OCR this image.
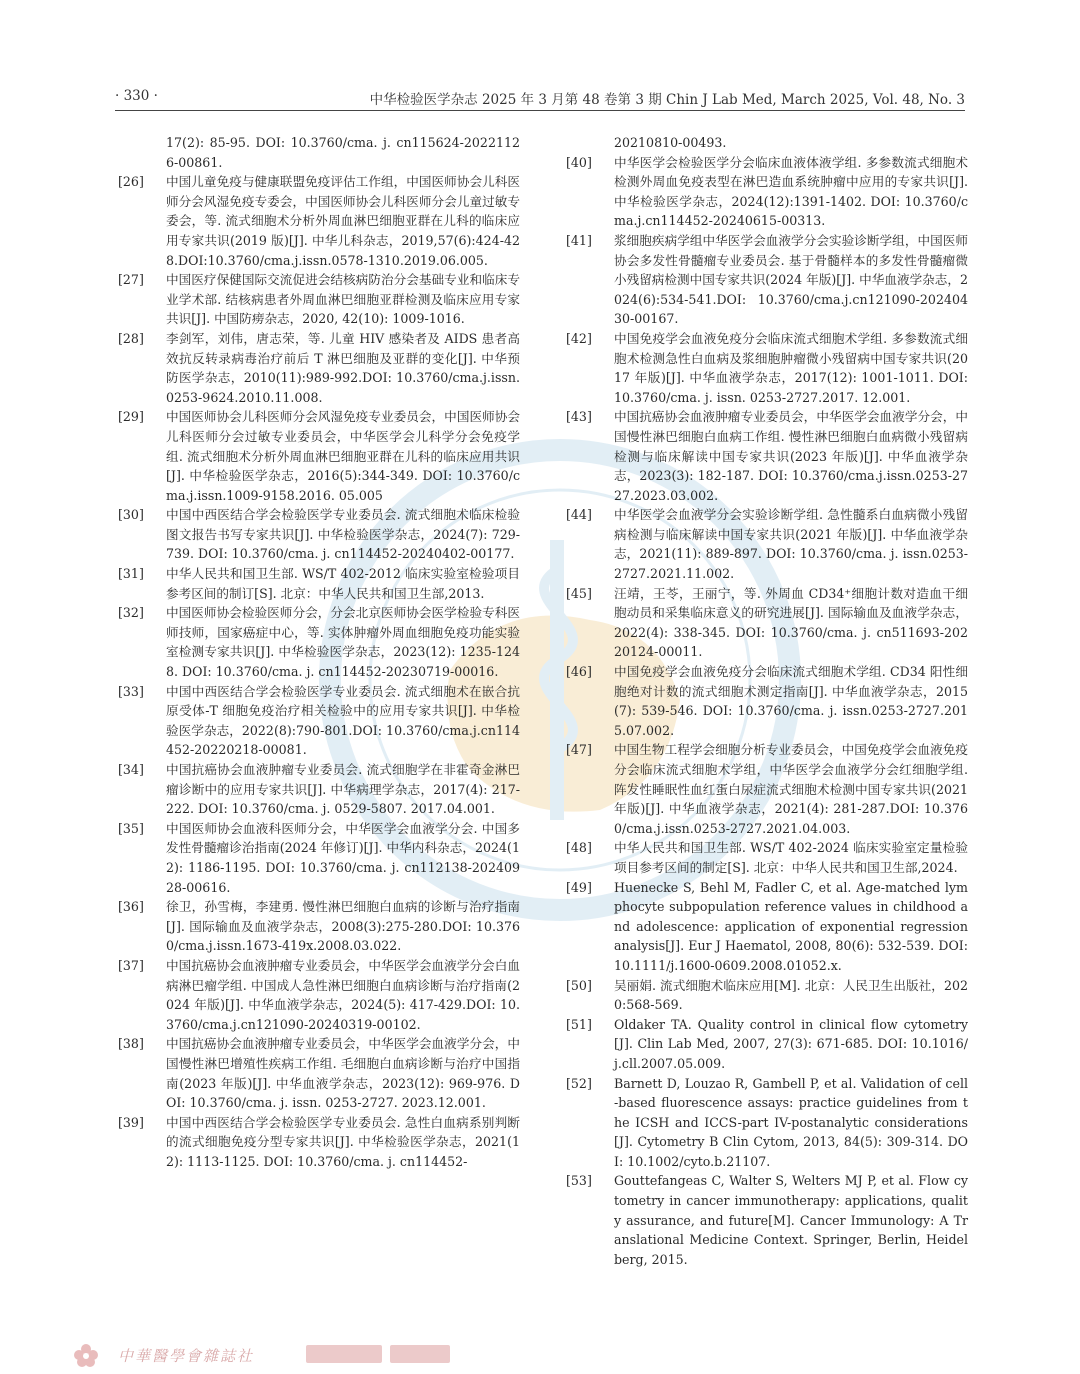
· 330 ·	中华检验医学杂志 2025 年 3 月第 48 卷第 3 期 Chin J Lab Med, March 2025, Vol. 48, No. 3
17(2): 85-95. DOI: 10.3760/cma. j. cn115624-20221126-00861.
[26]	中国儿童免疫与健康联盟免疫评估工作组，中国医师协会儿科医师分会风湿免疫专委会，中国医师协会儿科医师分会儿童过敏专委会，等. 流式细胞术分析外周血淋巴细胞亚群在儿科的临床应用专家共识(2019 版)[J]. 中华儿科杂志，2019,57(6):424-428.DOI:10.3760/cma.j.issn.0578-1310.2019.06.005.
[27]	中国医疗保健国际交流促进会结核病防治分会基础专业和临床专业学术部. 结核病患者外周血淋巴细胞亚群检测及临床应用专家共识[J]. 中国防痨杂志，2020, 42(10): 1009-1016.
[28]	李剑军，刘伟，唐志荣，等. 儿童 HIV 感染者及 AIDS 患者高效抗反转录病毒治疗前后 T 淋巴细胞及亚群的变化[J]. 中华预防医学杂志，2010(11):989-992.DOI: 10.3760/cma.j.issn.0253-9624.2010.11.008.
[29]	中国医师协会儿科医师分会风湿免疫专业委员会，中国医师协会儿科医师分会过敏专业委员会，中华医学会儿科学分会免疫学组. 流式细胞术分析外周血淋巴细胞亚群在儿科的临床应用共识[J]. 中华检验医学杂志，2016(5):344-349. DOI: 10.3760/cma.j.issn.1009-9158.2016. 05.005
[30]	中国中西医结合学会检验医学专业委员会. 流式细胞术临床检验图文报告书写专家共识[J]. 中华检验医学杂志，2024(7): 729-739. DOI: 10.3760/cma. j. cn114452-20240402-00177.
[31]	中华人民共和国卫生部. WS/T 402-2012 临床实验室检验项目参考区间的制订[S]. 北京：中华人民共和国卫生部,2013.
[32]	中国医师协会检验医师分会，分会北京医师协会医学检验专科医师技师，国家癌症中心，等. 实体肿瘤外周血细胞免疫功能实验室检测专家共识[J]. 中华检验医学杂志，2023(12): 1235-1248. DOI: 10.3760/cma. j. cn114452-20230719-00016.
[33]	中国中西医结合学会检验医学专业委员会. 流式细胞术在嵌合抗原受体-T 细胞免疫治疗相关检验中的应用专家共识[J]. 中华检验医学杂志，2022(8):790-801.DOI: 10.3760/cma.j.cn114452-20220218-00081.
[34]	中国抗癌协会血液肿瘤专业委员会. 流式细胞学在非霍奇金淋巴瘤诊断中的应用专家共识[J]. 中华病理学杂志，2017(4): 217-222. DOI: 10.3760/cma. j. 0529-5807. 2017.04.001.
[35]	中国医师协会血液科医师分会，中华医学会血液学分会. 中国多发性骨髓瘤诊治指南(2024 年修订)[J]. 中华内科杂志，2024(12): 1186-1195. DOI: 10.3760/cma. j. cn112138-20240928-00616.
[36]	徐卫，孙雪梅，李建勇. 慢性淋巴细胞白血病的诊断与治疗指南[J]. 国际输血及血液学杂志，2008(3):275-280.DOI: 10.3760/cma.j.issn.1673-419x.2008.03.022.
[37]	中国抗癌协会血液肿瘤专业委员会，中华医学会血液学分会白血病淋巴瘤学组. 中国成人急性淋巴细胞白血病诊断与治疗指南(2024 年版)[J]. 中华血液学杂志，2024(5): 417-429.DOI: 10.3760/cma.j.cn121090-20240319-00102.
[38]	中国抗癌协会血液肿瘤专业委员会，中华医学会血液学分会，中国慢性淋巴增殖性疾病工作组. 毛细胞白血病诊断与治疗中国指南(2023 年版)[J]. 中华血液学杂志，2023(12): 969-976. DOI: 10.3760/cma. j. issn. 0253-2727. 2023.12.001.
[39]	中国中西医结合学会检验医学专业委员会. 急性白血病系别判断的流式细胞免疫分型专家共识[J]. 中华检验医学杂志，2021(12): 1113-1125. DOI: 10.3760/cma. j. cn114452-
20210810-00493.
[40]	中华医学会检验医学分会临床血液体液学组. 多参数流式细胞术检测外周血免疫表型在淋巴造血系统肿瘤中应用的专家共识[J]. 中华检验医学杂志，2024(12):1391-1402. DOI: 10.3760/cma.j.cn114452-20240615-00313.
[41]	浆细胞疾病学组中华医学会血液学分会实验诊断学组，中国医师协会多发性骨髓瘤专业委员会. 基于骨髓样本的多发性骨髓瘤微小残留病检测中国专家共识(2024 年版)[J]. 中华血液学杂志，2024(6):534-541.DOI: 10.3760/cma.j.cn121090-20240430-00167.
[42]	中国免疫学会血液免疫分会临床流式细胞术学组. 多参数流式细胞术检测急性白血病及浆细胞肿瘤微小残留病中国专家共识(2017 年版)[J]. 中华血液学杂志，2017(12): 1001-1011. DOI: 10.3760/cma. j. issn. 0253-2727.2017. 12.001.
[43]	中国抗癌协会血液肿瘤专业委员会，中华医学会血液学分会，中国慢性淋巴细胞白血病工作组. 慢性淋巴细胞白血病微小残留病检测与临床解读中国专家共识(2023 年版)[J]. 中华血液学杂志，2023(3): 182-187. DOI: 10.3760/cma.j.issn.0253-2727.2023.03.002.
[44]	中华医学会血液学分会实验诊断学组. 急性髓系白血病微小残留病检测与临床解读中国专家共识(2021 年版)[J]. 中华血液学杂志，2021(11): 889-897. DOI: 10.3760/cma. j. issn.0253-2727.2021.11.002.
[45]	汪靖，王苓，王丽宁，等. 外周血 CD34⁺细胞计数对造血干细胞动员和采集临床意义的研究进展[J]. 国际输血及血液学杂志，2022(4): 338-345. DOI: 10.3760/cma. j. cn511693-20220124-00011.
[46]	中国免疫学会血液免疫分会临床流式细胞术学组. CD34 阳性细胞绝对计数的流式细胞术测定指南[J]. 中华血液学杂志，2015(7): 539-546. DOI: 10.3760/cma. j. issn.0253-2727.2015.07.002.
[47]	中国生物工程学会细胞分析专业委员会，中国免疫学会血液免疫分会临床流式细胞术学组，中华医学会血液学分会红细胞学组. 阵发性睡眠性血红蛋白尿症流式细胞术检测中国专家共识(2021 年版)[J]. 中华血液学杂志，2021(4): 281-287.DOI: 10.3760/cma.j.issn.0253-2727.2021.04.003.
[48]	中华人民共和国卫生部. WS/T 402-2024 临床实验室定量检验项目参考区间的制定[S]. 北京：中华人民共和国卫生部,2024.
[49]	Huenecke S, Behl M, Fadler C, et al. Age-matched lymphocyte subpopulation reference values in childhood and adolescence: application of exponential regression analysis[J]. Eur J Haematol, 2008, 80(6): 532-539. DOI: 10.1111/j.1600-0609.2008.01052.x.
[50]	吴丽娟. 流式细胞术临床应用[M]. 北京：人民卫生出版社，2020:568-569.
[51]	Oldaker TA. Quality control in clinical flow cytometry[J]. Clin Lab Med, 2007, 27(3): 671-685. DOI: 10.1016/j.cll.2007.05.009.
[52]	Barnett D, Louzao R, Gambell P, et al. Validation of cell-based fluorescence assays: practice guidelines from the ICSH and ICCS-part IV-postanalytic considerations[J]. Cytometry B Clin Cytom, 2013, 84(5): 309-314. DOI: 10.1002/cyto.b.21107.
[53]	Gouttefangeas C, Walter S, Welters MJ P, et al. Flow cytometry in cancer immunotherapy: applications, quality assurance, and future[M]. Cancer Immunology: A Translational Medicine Context. Springer, Berlin, Heidelberg, 2015.
中華醫學會雜誌社
